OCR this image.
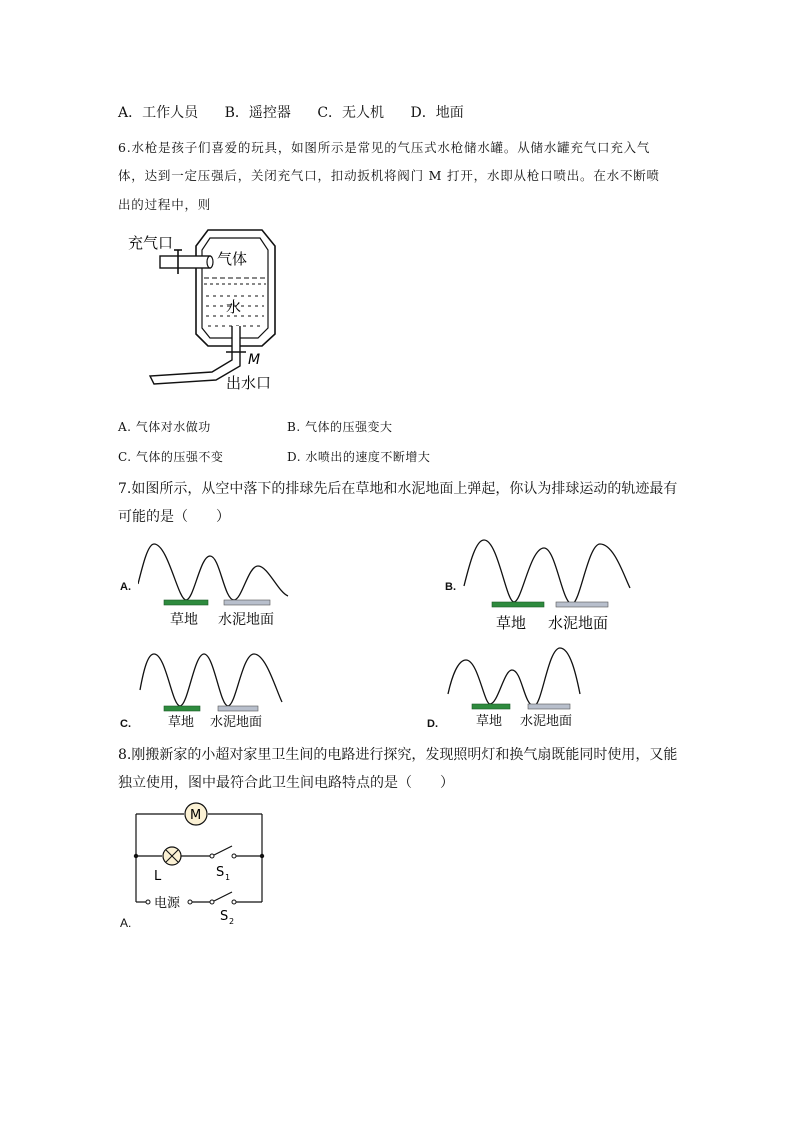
A．工作人员 B．遥控器 C．无人机 D．地面
6.水枪是孩子们喜爱的玩具，如图所示是常见的气压式水枪储水罐。从储水罐充气口充入气
体，达到一定压强后，关闭充气口，扣动扳机将阀门 M 打开，水即从枪口喷出。在水不断喷
出的过程中，则
充气口
气体
水
M
出水口
A. 气体对水做功	B. 气体的压强变大
C. 气体的压强不变	D. 水喷出的速度不断增大
7.如图所示，从空中落下的排球先后在草地和水泥地面上弹起，你认为排球运动的轨迹最有
可能的是（　　）
A.
草地 水泥地面
B.
草地 水泥地面
C.	草地 水泥地面	D.	草地 水泥地面
8.刚搬新家的小超对家里卫生间的电路进行探究，发现照明灯和换气扇既能同时使用，又能
独立使用，图中最符合此卫生间电路特点的是（　　）
M
L	S 1
电源
S 2
A.
